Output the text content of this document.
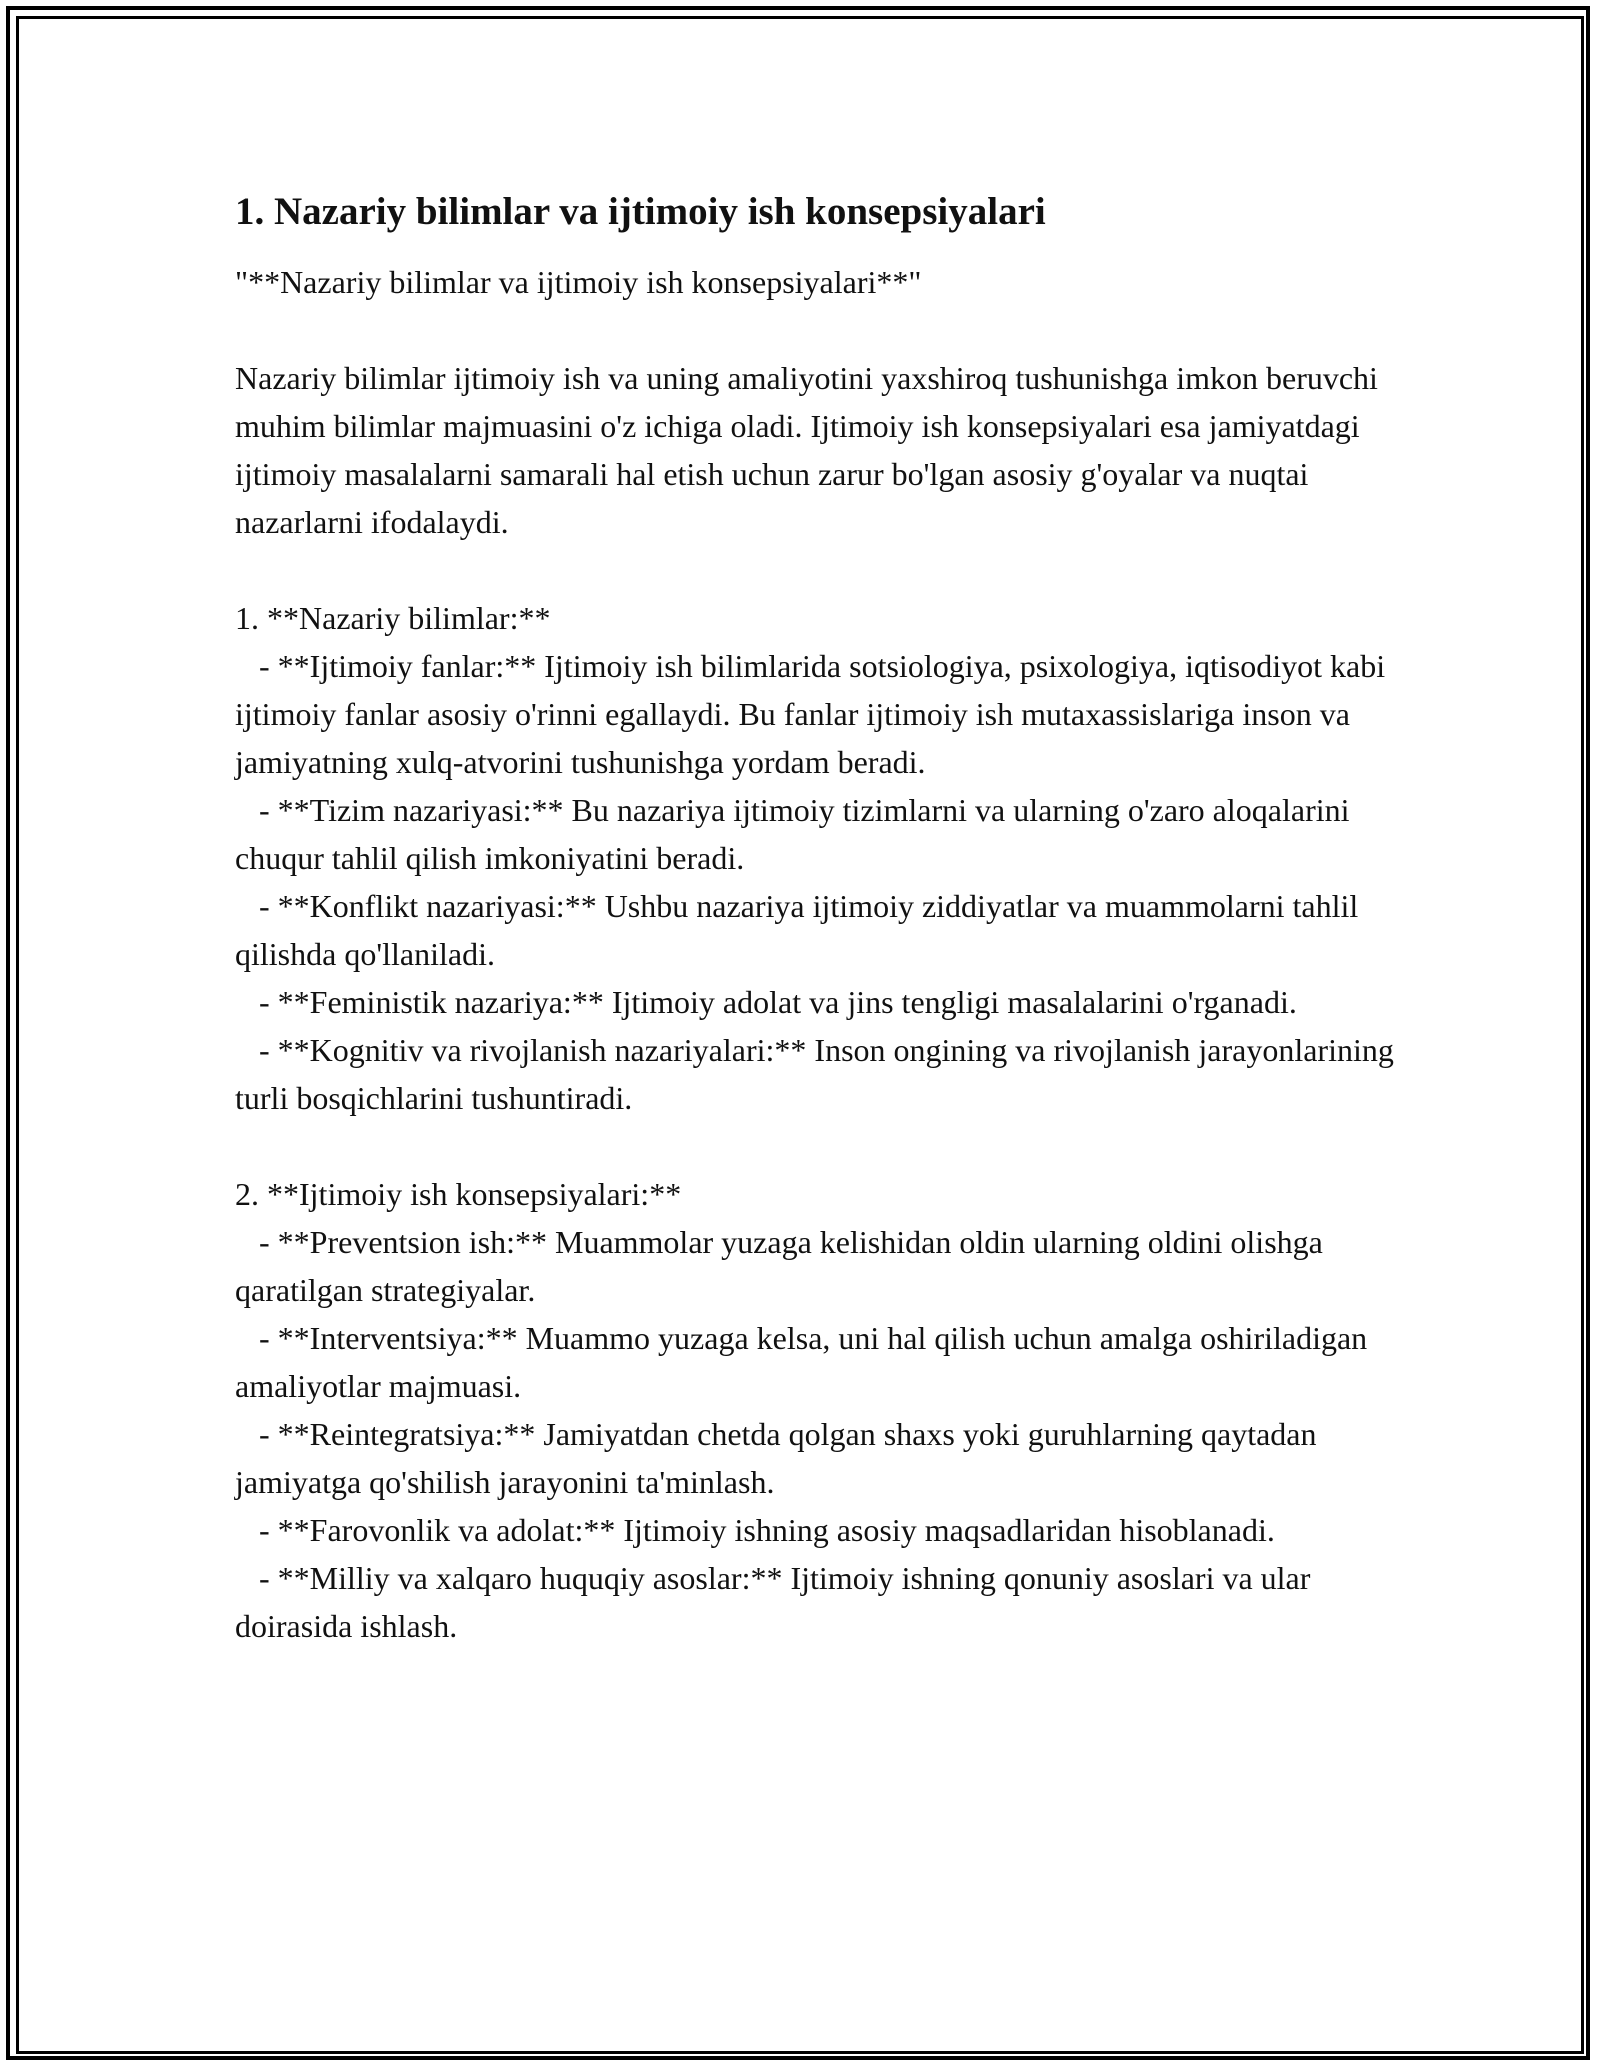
1. Nazariy bilimlar va ijtimoiy ish konsepsiyalari

"**Nazariy bilimlar va ijtimoiy ish konsepsiyalari**"

Nazariy bilimlar ijtimoiy ish va uning amaliyotini yaxshiroq tushunishga imkon beruvchi muhim bilimlar majmuasini o'z ichiga oladi. Ijtimoiy ish konsepsiyalari esa jamiyatdagi ijtimoiy masalalarni samarali hal etish uchun zarur bo'lgan asosiy g'oyalar va nuqtai nazarlarni ifodalaydi.

1. **Nazariy bilimlar:**

- **Ijtimoiy fanlar:** Ijtimoiy ish bilimlarida sotsiologiya, psixologiya, iqtisodiyot kabi ijtimoiy fanlar asosiy o'rinni egallaydi. Bu fanlar ijtimoiy ish mutaxassislariga inson va jamiyatning xulq-atvorini tushunishga yordam beradi.

- **Tizim nazariyasi:** Bu nazariya ijtimoiy tizimlarni va ularning o'zaro aloqalarini chuqur tahlil qilish imkoniyatini beradi.

- **Konflikt nazariyasi:** Ushbu nazariya ijtimoiy ziddiyatlar va muammolarni tahlil qilishda qo'llaniladi.

- **Feministik nazariya:** Ijtimoiy adolat va jins tengligi masalalarini o'rganadi.

- **Kognitiv va rivojlanish nazariyalari:** Inson ongining va rivojlanish jarayonlarining turli bosqichlarini tushuntiradi.

2. **Ijtimoiy ish konsepsiyalari:**

- **Preventsion ish:** Muammolar yuzaga kelishidan oldin ularning oldini olishga qaratilgan strategiyalar.

- **Interventsiya:** Muammo yuzaga kelsa, uni hal qilish uchun amalga oshiriladigan amaliyotlar majmuasi.

- **Reintegratsiya:** Jamiyatdan chetda qolgan shaxs yoki guruhlarning qaytadan jamiyatga qo'shilish jarayonini ta'minlash.

- **Farovonlik va adolat:** Ijtimoiy ishning asosiy maqsadlaridan hisoblanadi.

- **Milliy va xalqaro huquqiy asoslar:** Ijtimoiy ishning qonuniy asoslari va ular doirasida ishlash.
